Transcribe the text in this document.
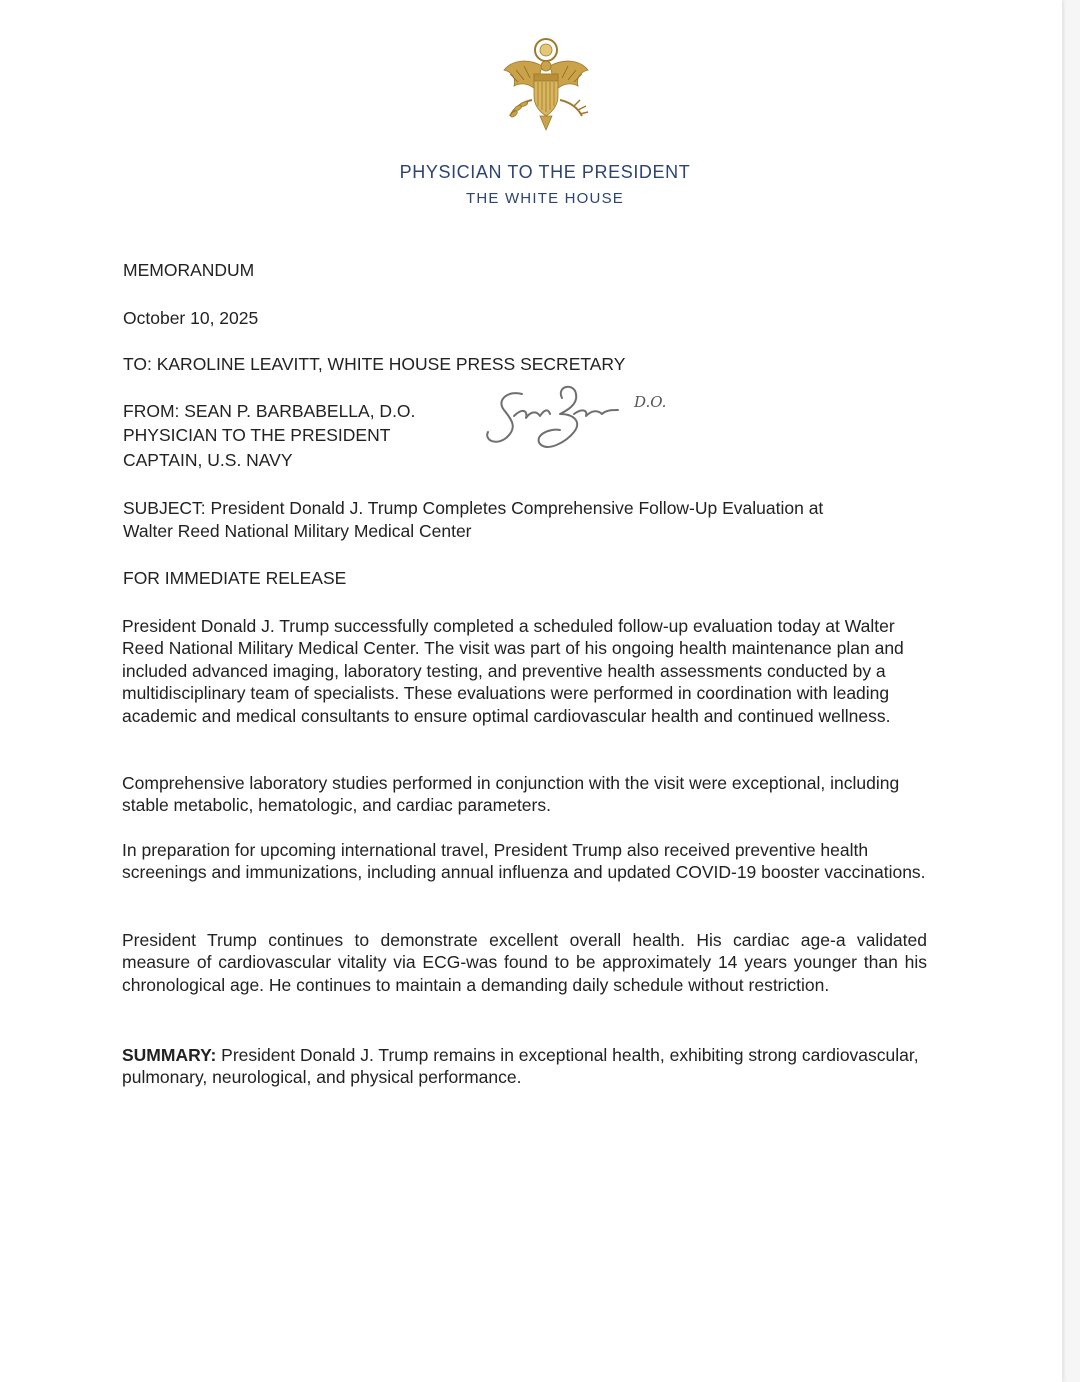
PHYSICIAN TO THE PRESIDENT
THE WHITE HOUSE
MEMORANDUM
October 10, 2025
TO: KAROLINE LEAVITT, WHITE HOUSE PRESS SECRETARY
FROM: SEAN P. BARBABELLA, D.O.
PHYSICIAN TO THE PRESIDENT
CAPTAIN, U.S. NAVY
D.O.
SUBJECT: President Donald J. Trump Completes Comprehensive Follow-Up Evaluation at
Walter Reed National Military Medical Center
FOR IMMEDIATE RELEASE
President Donald J. Trump successfully completed a scheduled follow-up evaluation today at Walter Reed National Military Medical Center. The visit was part of his ongoing health maintenance plan and included advanced imaging, laboratory testing, and preventive health assessments conducted by a multidisciplinary team of specialists. These evaluations were performed in coordination with leading academic and medical consultants to ensure optimal cardiovascular health and continued wellness.
Comprehensive laboratory studies performed in conjunction with the visit were exceptional, including stable metabolic, hematologic, and cardiac parameters.
In preparation for upcoming international travel, President Trump also received preventive health screenings and immunizations, including annual influenza and updated COVID-19 booster vaccinations.
President Trump continues to demonstrate excellent overall health. His cardiac age-a validated measure of cardiovascular vitality via ECG-was found to be approximately 14 years younger than his chronological age. He continues to maintain a demanding daily schedule without restriction.
SUMMARY: President Donald J. Trump remains in exceptional health, exhibiting strong cardiovascular, pulmonary, neurological, and physical performance.
